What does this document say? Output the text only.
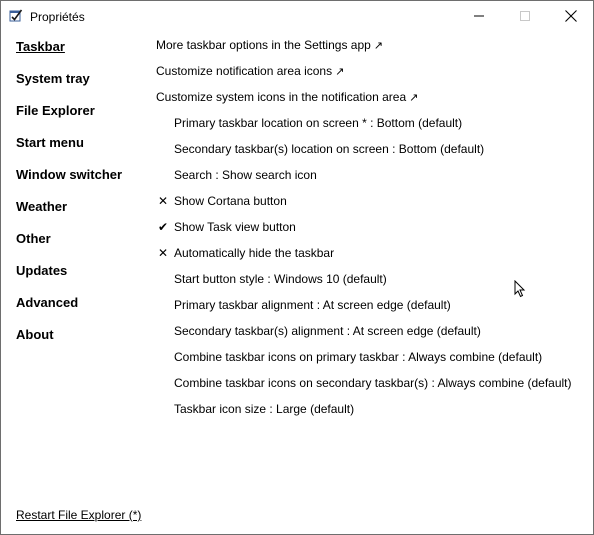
Propriétés
Taskbar
System tray
File Explorer
Start menu
Window switcher
Weather
Other
Updates
Advanced
About
More taskbar options in the Settings app ↗
Customize notification area icons ↗
Customize system icons in the notification area ↗
Primary taskbar location on screen * : Bottom (default)
Secondary taskbar(s) location on screen : Bottom (default)
Search : Show search icon
✕ Show Cortana button
✔ Show Task view button
✕ Automatically hide the taskbar
Start button style : Windows 10 (default)
Primary taskbar alignment : At screen edge (default)
Secondary taskbar(s) alignment : At screen edge (default)
Combine taskbar icons on primary taskbar : Always combine (default)
Combine taskbar icons on secondary taskbar(s) : Always combine (default)
Taskbar icon size : Large (default)
Restart File Explorer (*)
